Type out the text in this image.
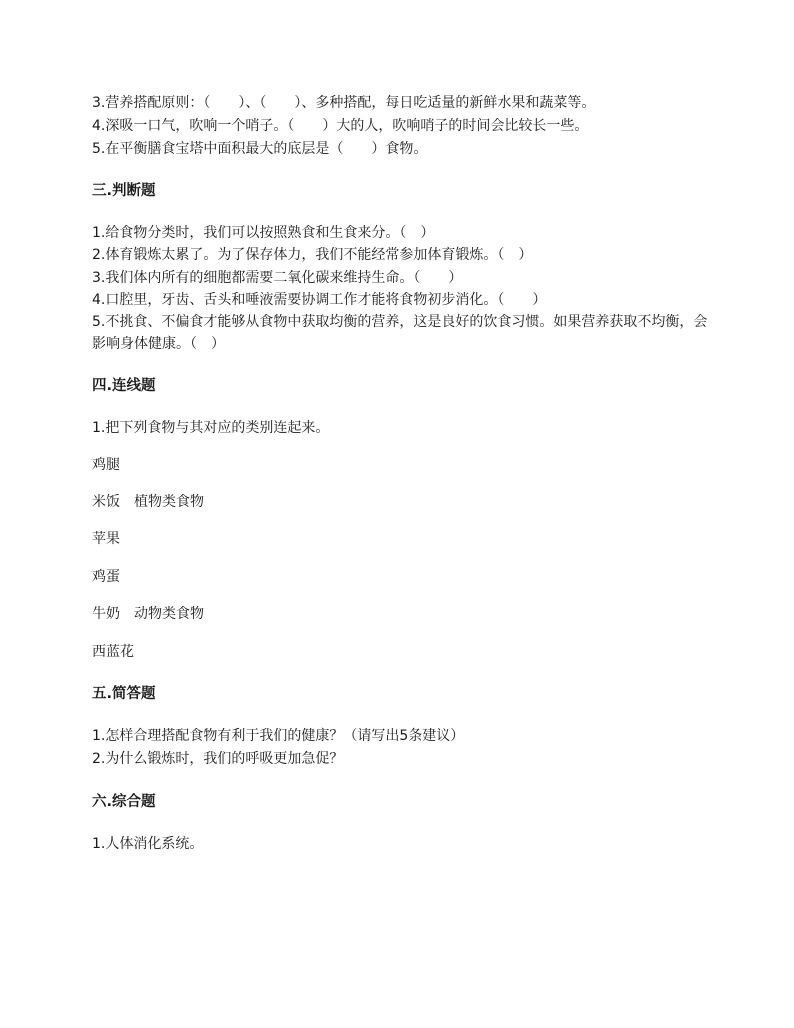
3.营养搭配原则：（　　）、（　　）、多种搭配，每日吃适量的新鲜水果和蔬菜等。
4.深吸一口气，吹响一个哨子。（　　）大的人，吹响哨子的时间会比较长一些。
5.在平衡膳食宝塔中面积最大的底层是（　　）食物。
三.判断题
1.给食物分类时，我们可以按照熟食和生食来分。（　）
2.体育锻炼太累了。为了保存体力，我们不能经常参加体育锻炼。（　）
3.我们体内所有的细胞都需要二氧化碳来维持生命。（　　）
4.口腔里，牙齿、舌头和唾液需要协调工作才能将食物初步消化。（　　）
5.不挑食、不偏食才能够从食物中获取均衡的营养，这是良好的饮食习惯。如果营养获取不均衡，会影响身体健康。（　）
四.连线题
1.把下列食物与其对应的类别连起来。
鸡腿
米饭　植物类食物
苹果
鸡蛋
牛奶　动物类食物
西蓝花
五.简答题
1.怎样合理搭配食物有利于我们的健康？（请写出5条建议）
2.为什么锻炼时，我们的呼吸更加急促？
六.综合题
1.人体消化系统。
